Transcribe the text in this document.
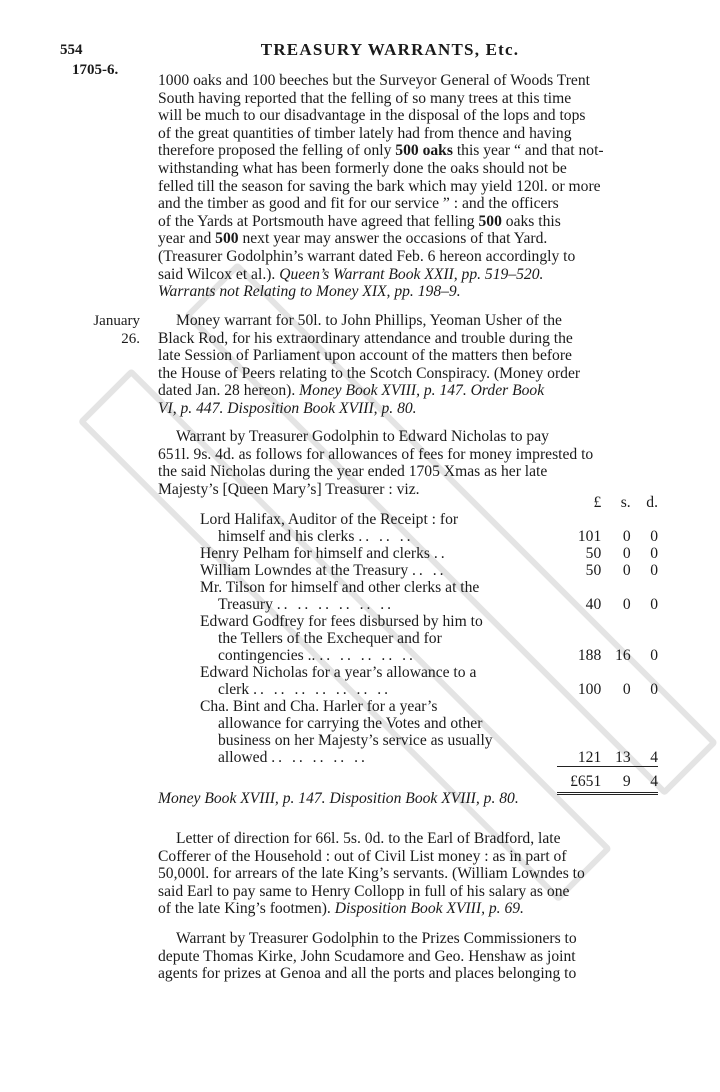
554	TREASURY WARRANTS, Etc.
1705-6.
1000 oaks and 100 beeches but the Surveyor General of Woods Trent
South having reported that the felling of so many trees at this time
will be much to our disadvantage in the disposal of the lops and tops
of the great quantities of timber lately had from thence and having
therefore proposed the felling of only 500 oaks this year “ and that not-
withstanding what has been formerly done the oaks should not be
felled till the season for saving the bark which may yield 120l. or more
and the timber as good and fit for our service ” : and the officers
of the Yards at Portsmouth have agreed that felling 500 oaks this
year and 500 next year may answer the occasions of that Yard.
(Treasurer Godolphin’s warrant dated Feb. 6 hereon accordingly to
said Wilcox et al.). Queen’s Warrant Book XXII, pp. 519–520.
Warrants not Relating to Money XIX, pp. 198–9.
January
26.
Money warrant for 50l. to John Phillips, Yeoman Usher of the
Black Rod, for his extraordinary attendance and trouble during the
late Session of Parliament upon account of the matters then before
the House of Peers relating to the Scotch Conspiracy. (Money order
dated Jan. 28 hereon). Money Book XVIII, p. 147. Order Book
VI, p. 447. Disposition Book XVIII, p. 80.
Warrant by Treasurer Godolphin to Edward Nicholas to pay
651l. 9s. 4d. as follows for allowances of fees for money imprested to
the said Nicholas during the year ended 1705 Xmas as her late
Majesty’s [Queen Mary’s] Treasurer : viz.
	£	s.	d.

Lord Halifax, Auditor of the Receipt : for
himself and his clerks .. .. ..	101	0	0

Henry Pelham for himself and clerks ..	50	0	0

William Lowndes at the Treasury .. ..	50	0	0

Mr. Tilson for himself and other clerks at the
Treasury .. .. .. .. .. ..	40	0	0

Edward Godfrey for fees disbursed by him to
the Tellers of the Exchequer and for
contingencies .. .. .. .. .. ..	188	16	0

Edward Nicholas for a year’s allowance to a
clerk .. .. .. .. .. .. ..	100	0	0

Cha. Bint and Cha. Harler for a year’s
allowance for carrying the Votes and other
business on her Majesty’s service as usually
allowed .. .. .. .. ..	121	13	4
	£651	9	4
Money Book XVIII, p. 147. Disposition Book XVIII, p. 80.
Letter of direction for 66l. 5s. 0d. to the Earl of Bradford, late
Cofferer of the Household : out of Civil List money : as in part of
50,000l. for arrears of the late King’s servants. (William Lowndes to
said Earl to pay same to Henry Collopp in full of his salary as one
of the late King’s footmen). Disposition Book XVIII, p. 69.
Warrant by Treasurer Godolphin to the Prizes Commissioners to
depute Thomas Kirke, John Scudamore and Geo. Henshaw as joint
agents for prizes at Genoa and all the ports and places belonging to
